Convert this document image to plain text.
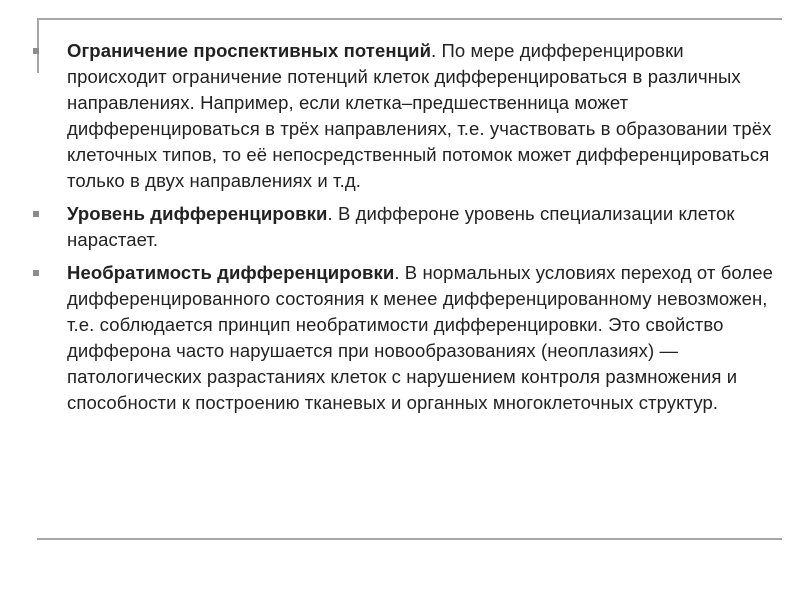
Ограничение проспективных потенций. По мере дифференцировки происходит ограничение потенций клеток дифференцироваться в различных направлениях. Например, если клетка–предшественница может дифференцироваться в трёх направлениях, т.е. участвовать в образовании трёх клеточных типов, то её непосредственный потомок может дифференцироваться только в двух направлениях и т.д.
Уровень дифференцировки. В диффероне уровень специализации клеток нарастает.
Необратимость дифференцировки. В нормальных условиях переход от более дифференцированного состояния к менее дифференцированному невозможен, т.е. соблюдается принцип необратимости дифференцировки. Это свойство дифферона часто нарушается при новообразованиях (неоплазиях) — патологических разрастаниях клеток с нарушением контроля размножения и способности к построению тканевых и органных многоклеточных структур.
